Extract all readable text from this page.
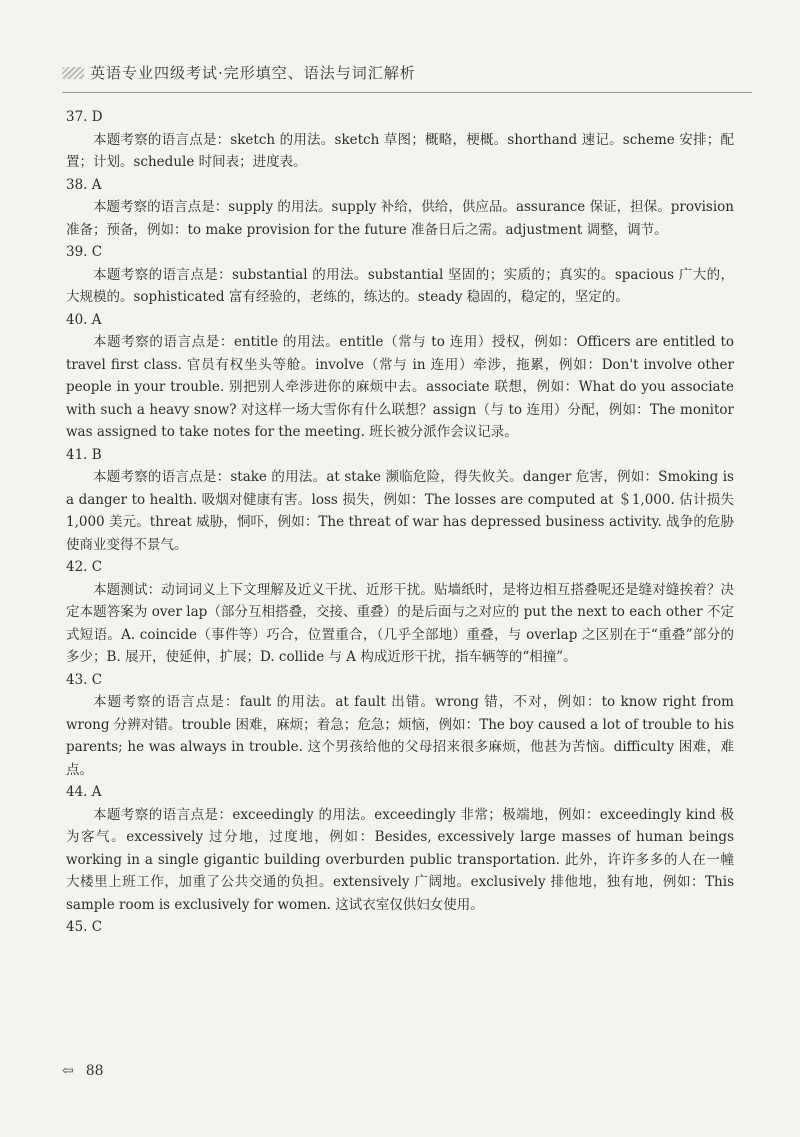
英语专业四级考试·完形填空、语法与词汇解析

37. D

本题考察的语言点是：sketch 的用法。sketch 草图；概略，梗概。shorthand 速记。scheme 安排；配置；计划。schedule 时间表；进度表。

38. A

本题考察的语言点是：supply 的用法。supply 补给，供给，供应品。assurance 保证，担保。provision 准备；预备，例如：to make provision for the future 准备日后之需。adjustment 调整，调节。

39. C

本题考察的语言点是：substantial 的用法。substantial 坚固的；实质的；真实的。spacious 广大的，大规模的。sophisticated 富有经验的，老练的，练达的。steady 稳固的，稳定的，坚定的。

40. A

本题考察的语言点是：entitle 的用法。entitle（常与 to 连用）授权，例如：Officers are entitled to travel first class. 官员有权坐头等舱。involve（常与 in 连用）牵涉，拖累，例如：Don't involve other people in your trouble. 别把别人牵涉进你的麻烦中去。associate 联想，例如：What do you associate with such a heavy snow? 对这样一场大雪你有什么联想？assign（与 to 连用）分配，例如：The monitor was assigned to take notes for the meeting. 班长被分派作会议记录。

41. B

本题考察的语言点是：stake 的用法。at stake 濒临危险，得失攸关。danger 危害，例如：Smoking is a danger to health. 吸烟对健康有害。loss 损失，例如：The losses are computed at ＄1,000. 估计损失 1,000 美元。threat 威胁，恫吓，例如：The threat of war has depressed business activity. 战争的危胁使商业变得不景气。

42. C

本题测试：动词词义上下文理解及近义干扰、近形干扰。贴墙纸时，是将边相互搭叠呢还是缝对缝挨着？决定本题答案为 over lap（部分互相搭叠，交接、重叠）的是后面与之对应的 put the next to each other 不定式短语。A. coincide（事件等）巧合，位置重合，（几乎全部地）重叠，与 overlap 之区别在于“重叠”部分的多少；B. 展开，使延伸，扩展；D. collide 与 A 构成近形干扰，指车辆等的“相撞”。

43. C

本题考察的语言点是：fault 的用法。at fault 出错。wrong 错，不对，例如：to know right from wrong 分辨对错。trouble 困难，麻烦；着急；危急；烦恼，例如：The boy caused a lot of trouble to his parents; he was always in trouble. 这个男孩给他的父母招来很多麻烦，他甚为苦恼。difficulty 困难，难点。

44. A

本题考察的语言点是：exceedingly 的用法。exceedingly 非常；极端地，例如：exceedingly kind 极为客气。excessively 过分地，过度地，例如：Besides, excessively large masses of human beings working in a single gigantic building overburden public transportation. 此外，许许多多的人在一幢大楼里上班工作，加重了公共交通的负担。extensively 广阔地。exclusively 排他地，独有地，例如：This sample room is exclusively for women. 这试衣室仅供妇女使用。

45. C

⇦ 88
